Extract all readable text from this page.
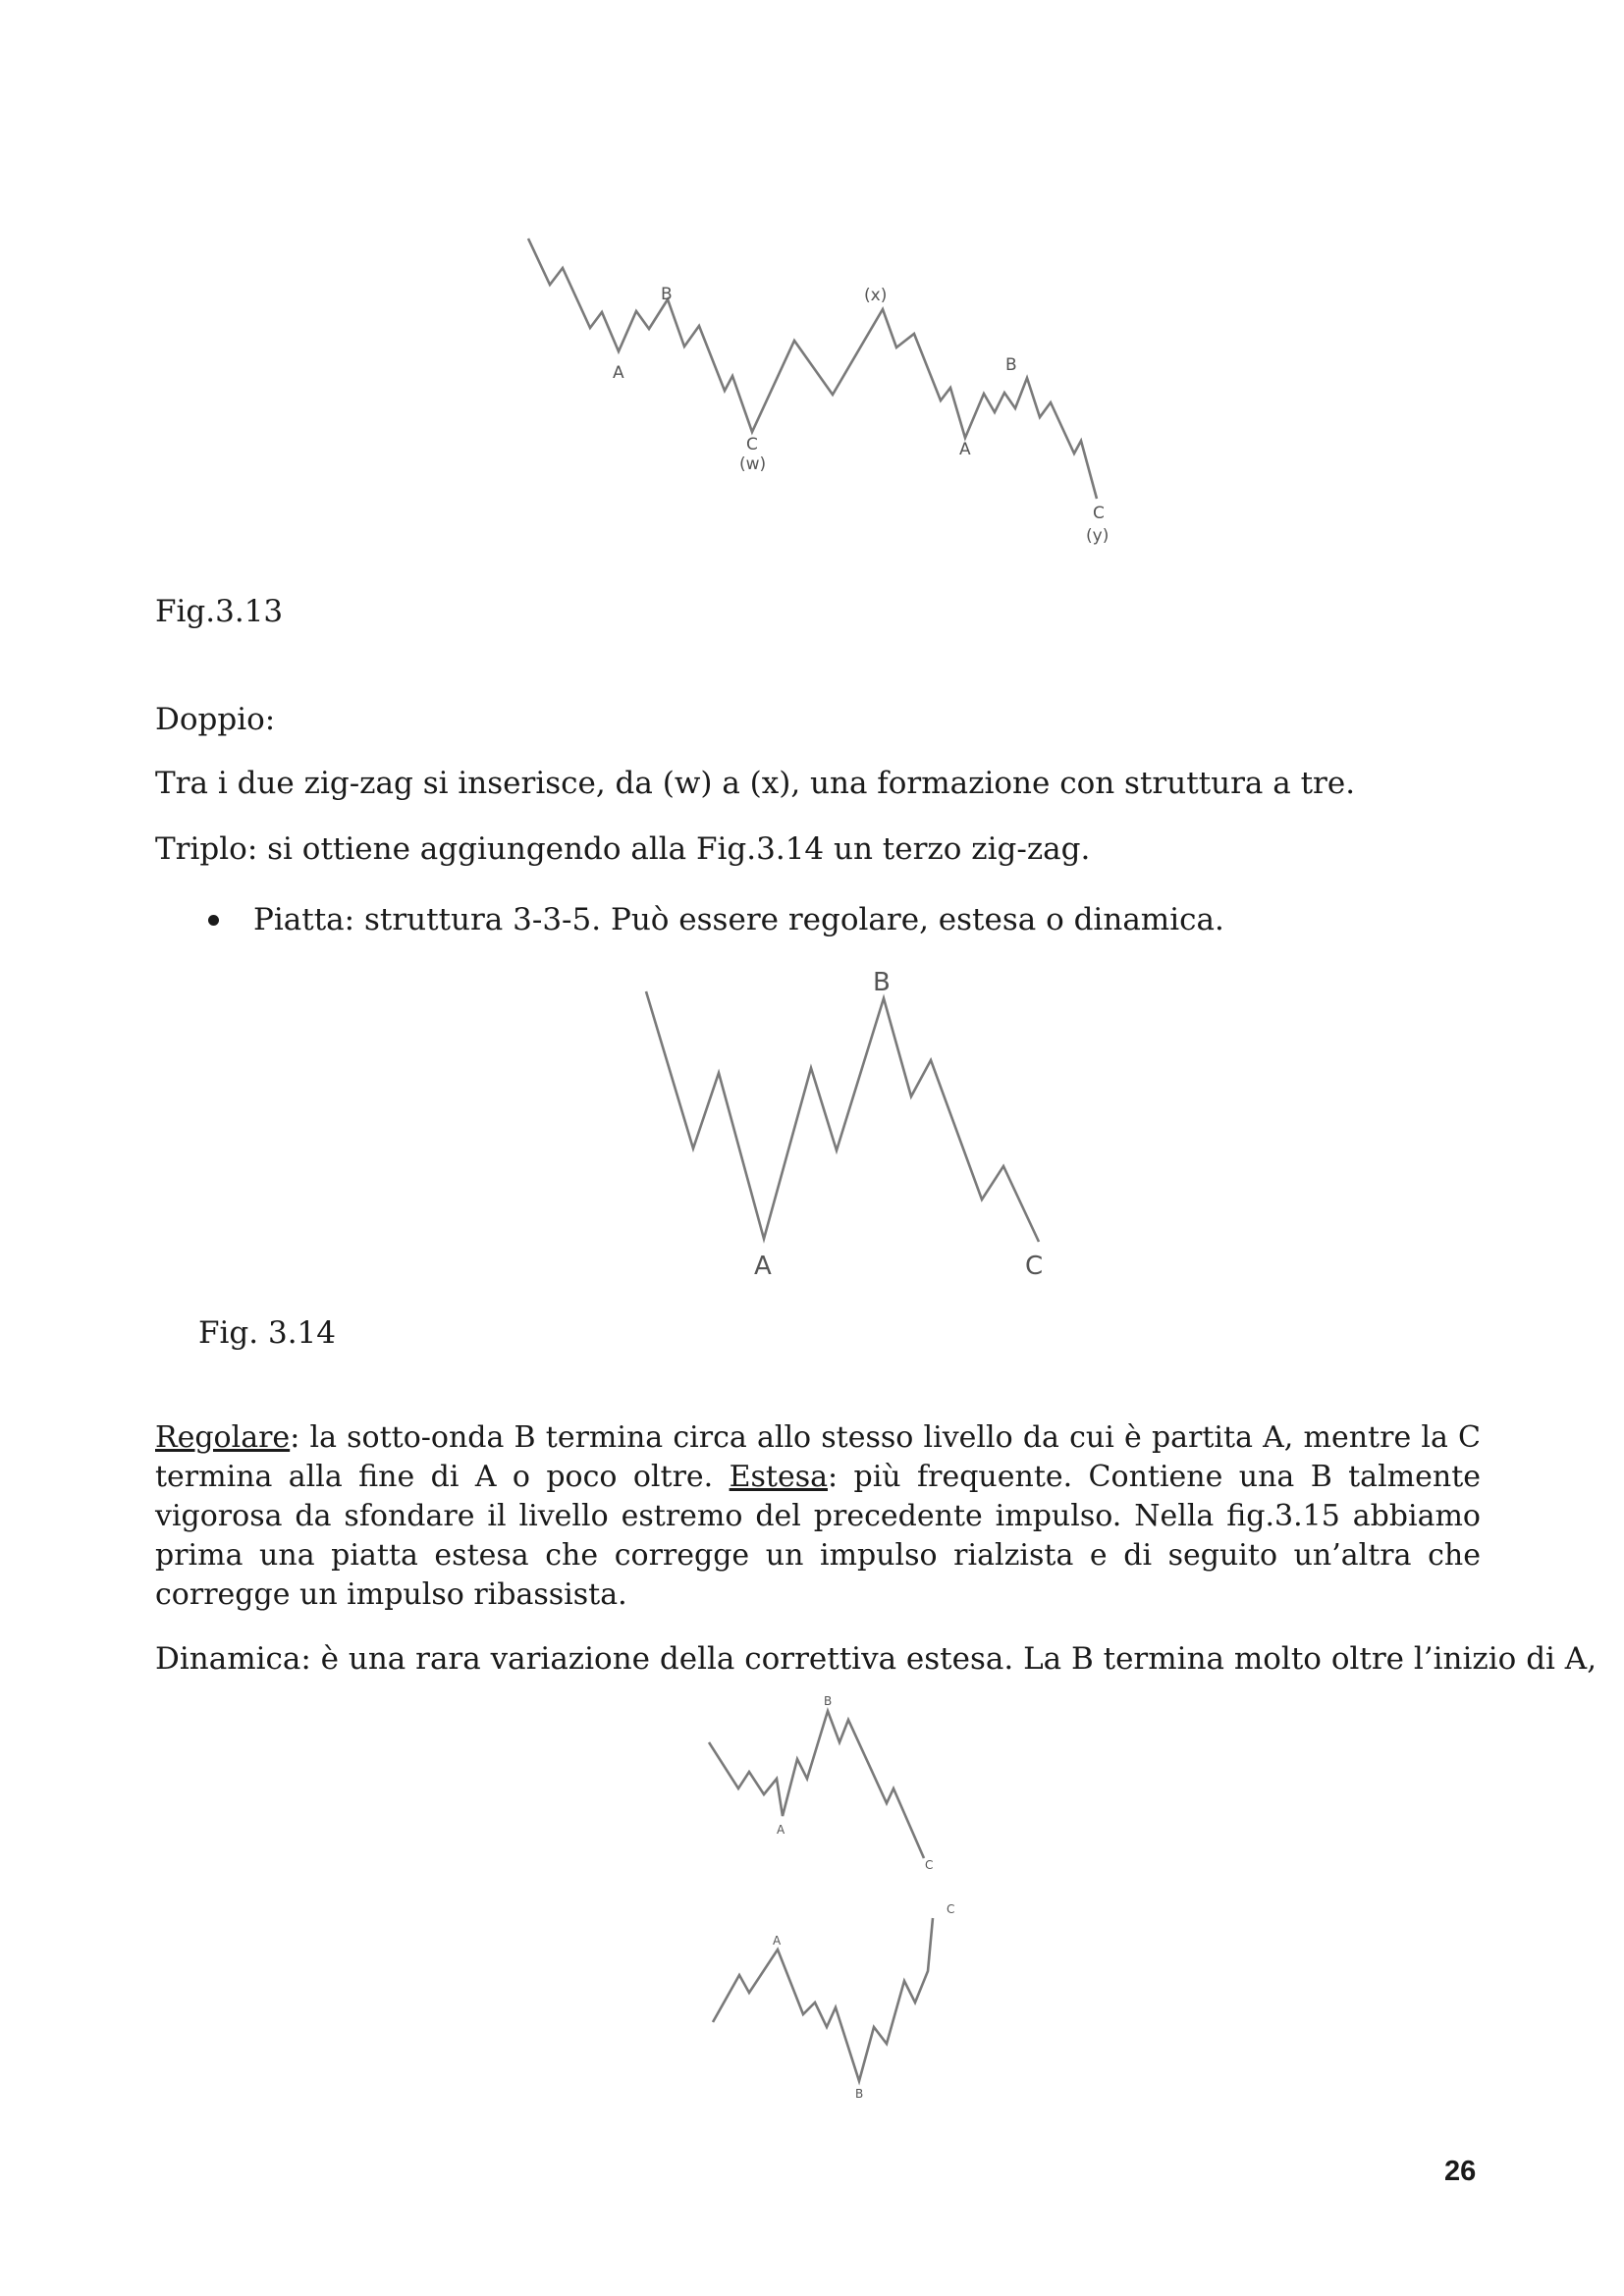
A
B
C
(w)
(x)
A
B
C
(y)
Fig.3.13
Doppio:
Tra i due zig-zag si inserisce, da (w) a (x), una formazione con struttura a tre.
Triplo: si ottiene aggiungendo alla Fig.3.14 un terzo zig-zag.
Piatta: struttura 3-3-5. Può essere regolare, estesa o dinamica.
B
A	C
Fig. 3.14
Regolare: la sotto-onda B termina circa allo stesso livello da cui è partita A, mentre la C termina alla fine di A o poco oltre. Estesa: più frequente. Contiene una B talmente vigorosa da sfondare il livello estremo del precedente impulso. Nella fig.3.15 abbiamo prima una piatta estesa che corregge un impulso rialzista e di seguito un’altra che corregge un impulso ribassista.
Dinamica: è una rara variazione della correttiva estesa. La B termina molto oltre l’inizio di A,
B
A
C
A
B
C
26
